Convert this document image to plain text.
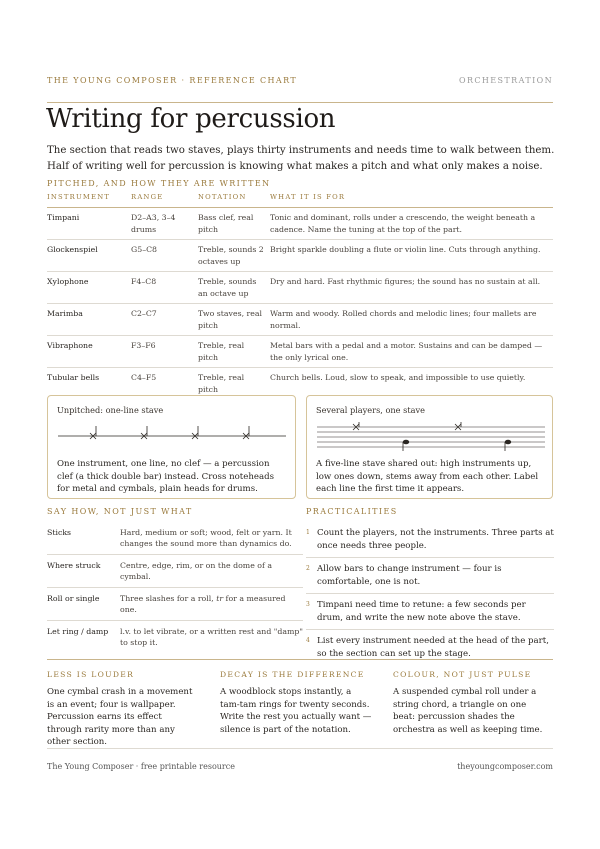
THE YOUNG COMPOSER · REFERENCE CHART	ORCHESTRATION
Writing for percussion

The section that reads two staves, plays thirty instruments and needs time to walk between them. Half of writing well for percussion is knowing what makes a pitch and what only makes a noise.

PITCHED, AND HOW THEY ARE WRITTEN
INSTRUMENT	RANGE	NOTATION	WHAT IT IS FOR
Timpani	D2–A3, 3–4 drums	Bass clef, real pitch	Tonic and dominant, rolls under a crescendo, the weight beneath a cadence. Name the tuning at the top of the part.
Glockenspiel	G5–C8	Treble, sounds 2 octaves up	Bright sparkle doubling a flute or violin line. Cuts through anything.
Xylophone	F4–C8	Treble, sounds an octave up	Dry and hard. Fast rhythmic figures; the sound has no sustain at all.
Marimba	C2–C7	Two staves, real pitch	Warm and woody. Rolled chords and melodic lines; four mallets are normal.
Vibraphone	F3–F6	Treble, real pitch	Metal bars with a pedal and a motor. Sustains and can be damped — the only lyrical one.
Tubular bells	C4–F5	Treble, real pitch	Church bells. Loud, slow to speak, and impossible to use quietly.
Unpitched: one-line stave

One instrument, one line, no clef — a percussion clef (a thick double bar) instead. Cross noteheads for metal and cymbals, plain heads for drums.

Several players, one stave

A five-line stave shared out: high instruments up, low ones down, stems away from each other. Label each line the first time it appears.

SAY HOW, NOT JUST WHAT
Sticks	Hard, medium or soft; wood, felt or yarn. It changes the sound more than dynamics do.
Where struck	Centre, edge, rim, or on the dome of a cymbal.
Roll or single	Three slashes for a roll, tr for a measured one.
Let ring / damp	l.v. to let vibrate, or a written rest and "damp" to stop it.
PRACTICALITIES
1 Count the players, not the instruments. Three parts at once needs three people.
2 Allow bars to change instrument — four is comfortable, one is not.
3 Timpani need time to retune: a few seconds per drum, and write the new note above the stave.
4 List every instrument needed at the head of the part, so the section can set up the stage.
LESS IS LOUDER

One cymbal crash in a movement is an event; four is wallpaper. Percussion earns its effect through rarity more than any other section.

DECAY IS THE DIFFERENCE

A woodblock stops instantly, a tam-tam rings for twenty seconds. Write the rest you actually want — silence is part of the notation.

COLOUR, NOT JUST PULSE

A suspended cymbal roll under a string chord, a triangle on one beat: percussion shades the orchestra as well as keeping time.

The Young Composer · free printable resource	theyoungcomposer.com
